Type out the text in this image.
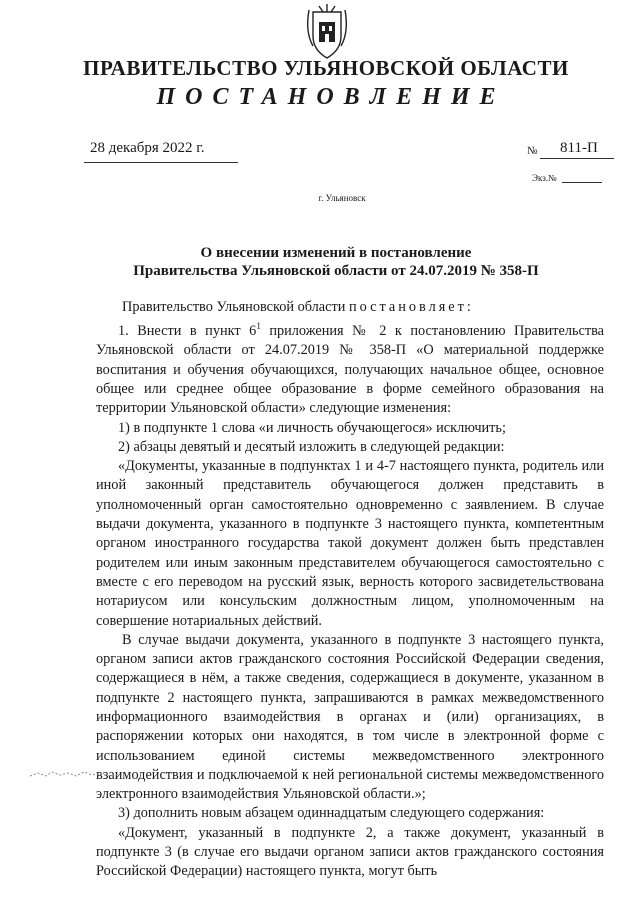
ПРАВИТЕЛЬСТВО УЛЬЯНОВСКОЙ ОБЛАСТИ
ПОСТАНОВЛЕНИЕ
28 декабря 2022 г.	№ 811-П
Экз.№
г. Ульяновск
О внесении изменений в постановление
Правительства Ульяновской области от 24.07.2019 № 358-П

Правительство Ульяновской области постановляет:

1. Внести в пункт $6^1$ приложения № 2 к постановлению Правительства Ульяновской области от 24.07.2019 № 358-П «О материальной поддержке воспитания и обучения обучающихся, получающих начальное общее, основное общее или среднее общее образование в форме семейного образования на территории Ульяновской области» следующие изменения:

1) в подпункте 1 слова «и личность обучающегося» исключить;

2) абзацы девятый и десятый изложить в следующей редакции:

«Документы, указанные в подпунктах 1 и 4-7 настоящего пункта, родитель или иной законный представитель обучающегося должен представить в уполномоченный орган самостоятельно одновременно с заявлением. В случае выдачи документа, указанного в подпункте 3 настоящего пункта, компетентным органом иностранного государства такой документ должен быть представлен родителем или иным законным представителем обучающегося самостоятельно с вместе с его переводом на русский язык, верность которого засвидетельствована нотариусом или консульским должностным лицом, уполномоченным на совершение нотариальных действий.

В случае выдачи документа, указанного в подпункте 3 настоящего пункта, органом записи актов гражданского состояния Российской Федерации сведения, содержащиеся в нём, а также сведения, содержащиеся в документе, указанном в подпункте 2 настоящего пункта, запрашиваются в рамках межведомственного информационного взаимодействия в органах и (или) организациях, в распоряжении которых они находятся, в том числе в электронной форме с использованием единой системы межведомственного электронного взаимодействия и подключаемой к ней региональной системы межведомственного электронного взаимодействия Ульяновской области.»;

3) дополнить новым абзацем одиннадцатым следующего содержания:

«Документ, указанный в подпункте 2, а также документ, указанный в подпункте 3 (в случае его выдачи органом записи актов гражданского состояния Российской Федерации) настоящего пункта, могут быть
